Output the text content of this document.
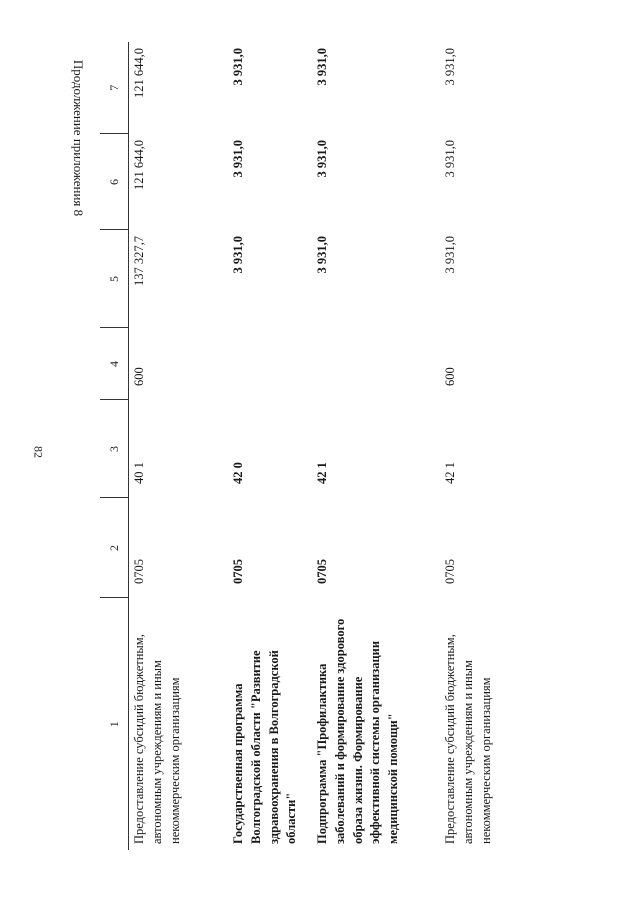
82
Продолжение приложения 8
1	2	3	4	5	6	7
Предоставление субсидий бюджетным, автономным учреждениям и иным некоммерческим организациям	0705	40 1	600	137 327,7	121 644,0	121 644,0
Государственная программа Волгоградской области "Развитие здравоохранения в Волгоградской области"	0705	42 0		3 931,0	3 931,0	3 931,0
Подпрограмма "Профилактика заболеваний и формирование здорового образа жизни. Формирование эффективной системы организации медицинской помощи"	0705	42 1		3 931,0	3 931,0	3 931,0
Предоставление субсидий бюджетным, автономным учреждениям и иным некоммерческим организациям	0705	42 1	600	3 931,0	3 931,0	3 931,0
